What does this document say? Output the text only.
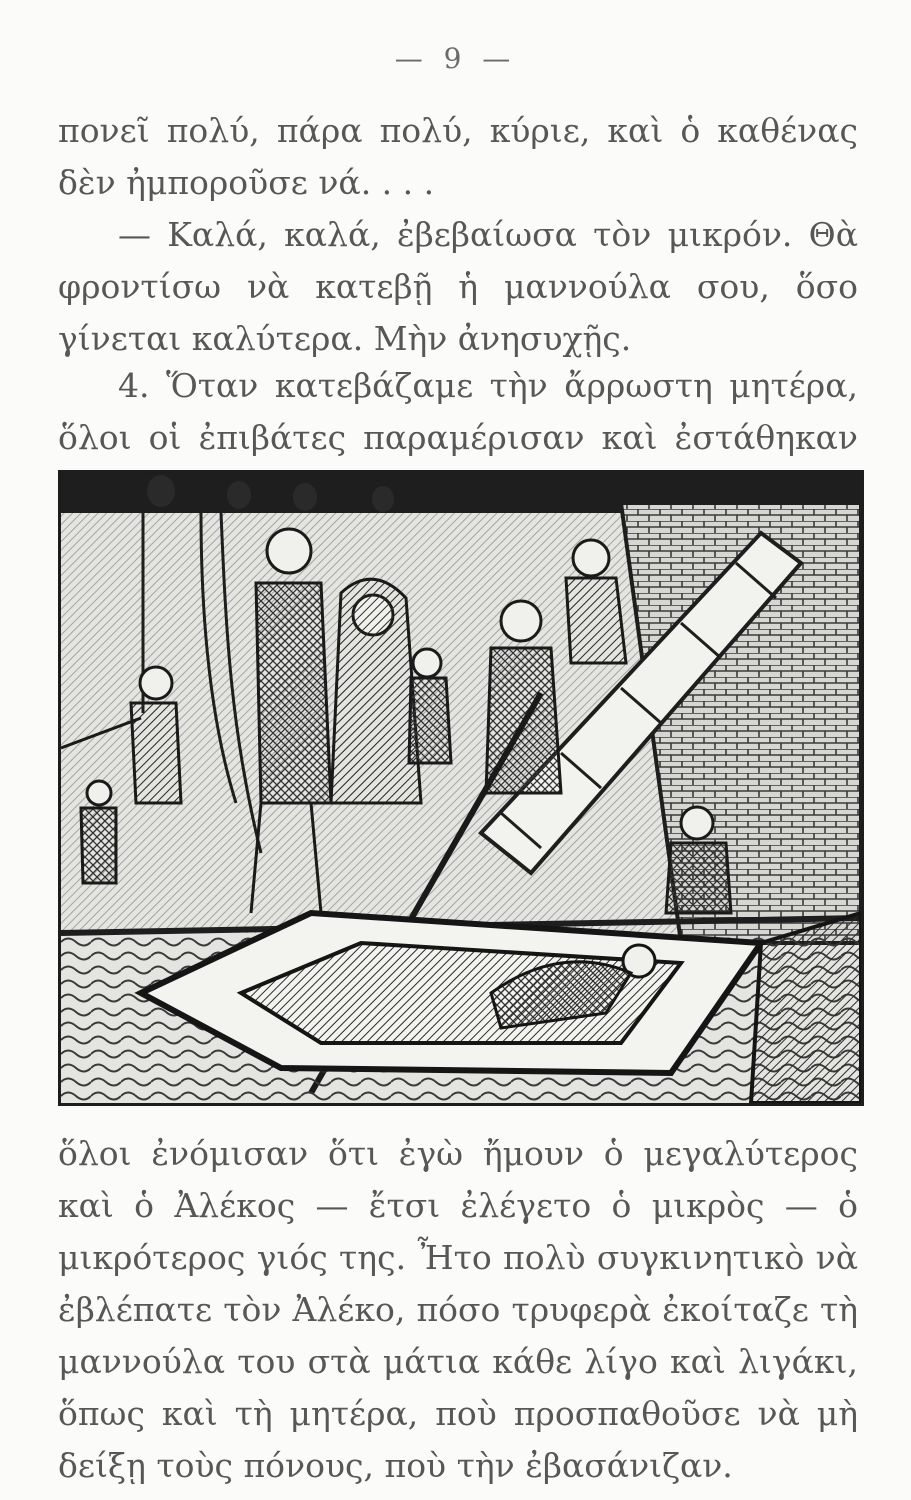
— 9 —

πονεῖ πολύ, πάρα πολύ, κύριε, καὶ ὁ καθένας δὲν ἠμποροῦσε νά. . . .

— Καλά, καλά, ἐβεβαίωσα τὸν μικρόν. Θὰ φροντίσω νὰ κατεβῇ ἡ μαννούλα σου, ὅσο γίνεται καλύτερα. Μὴν ἀνησυχῇς.

4. Ὅταν κατεβάζαμε τὴν ἄρρωστη μητέρα, ὅλοι οἱ ἐπιβάτες παραμέρισαν καὶ ἐστάθηκαν

ὅλοι ἐνόμισαν ὅτι ἐγὼ ἤμουν ὁ μεγαλύτερος καὶ ὁ Ἀλέκος — ἔτσι ἐλέγετο ὁ μικρὸς — ὁ μικρότερος γιός της. Ἦτο πολὺ συγκινητικὸ νὰ ἐβλέπατε τὸν Ἀλέκο, πόσο τρυφερὰ ἐκοίταζε τὴ μαννούλα του στὰ μάτια κάθε λίγο καὶ λιγάκι, ὅπως καὶ τὴ μητέρα, ποὺ προσπαθοῦσε νὰ μὴ δείξῃ τοὺς πόνους, ποὺ τὴν ἐβασάνιζαν.
